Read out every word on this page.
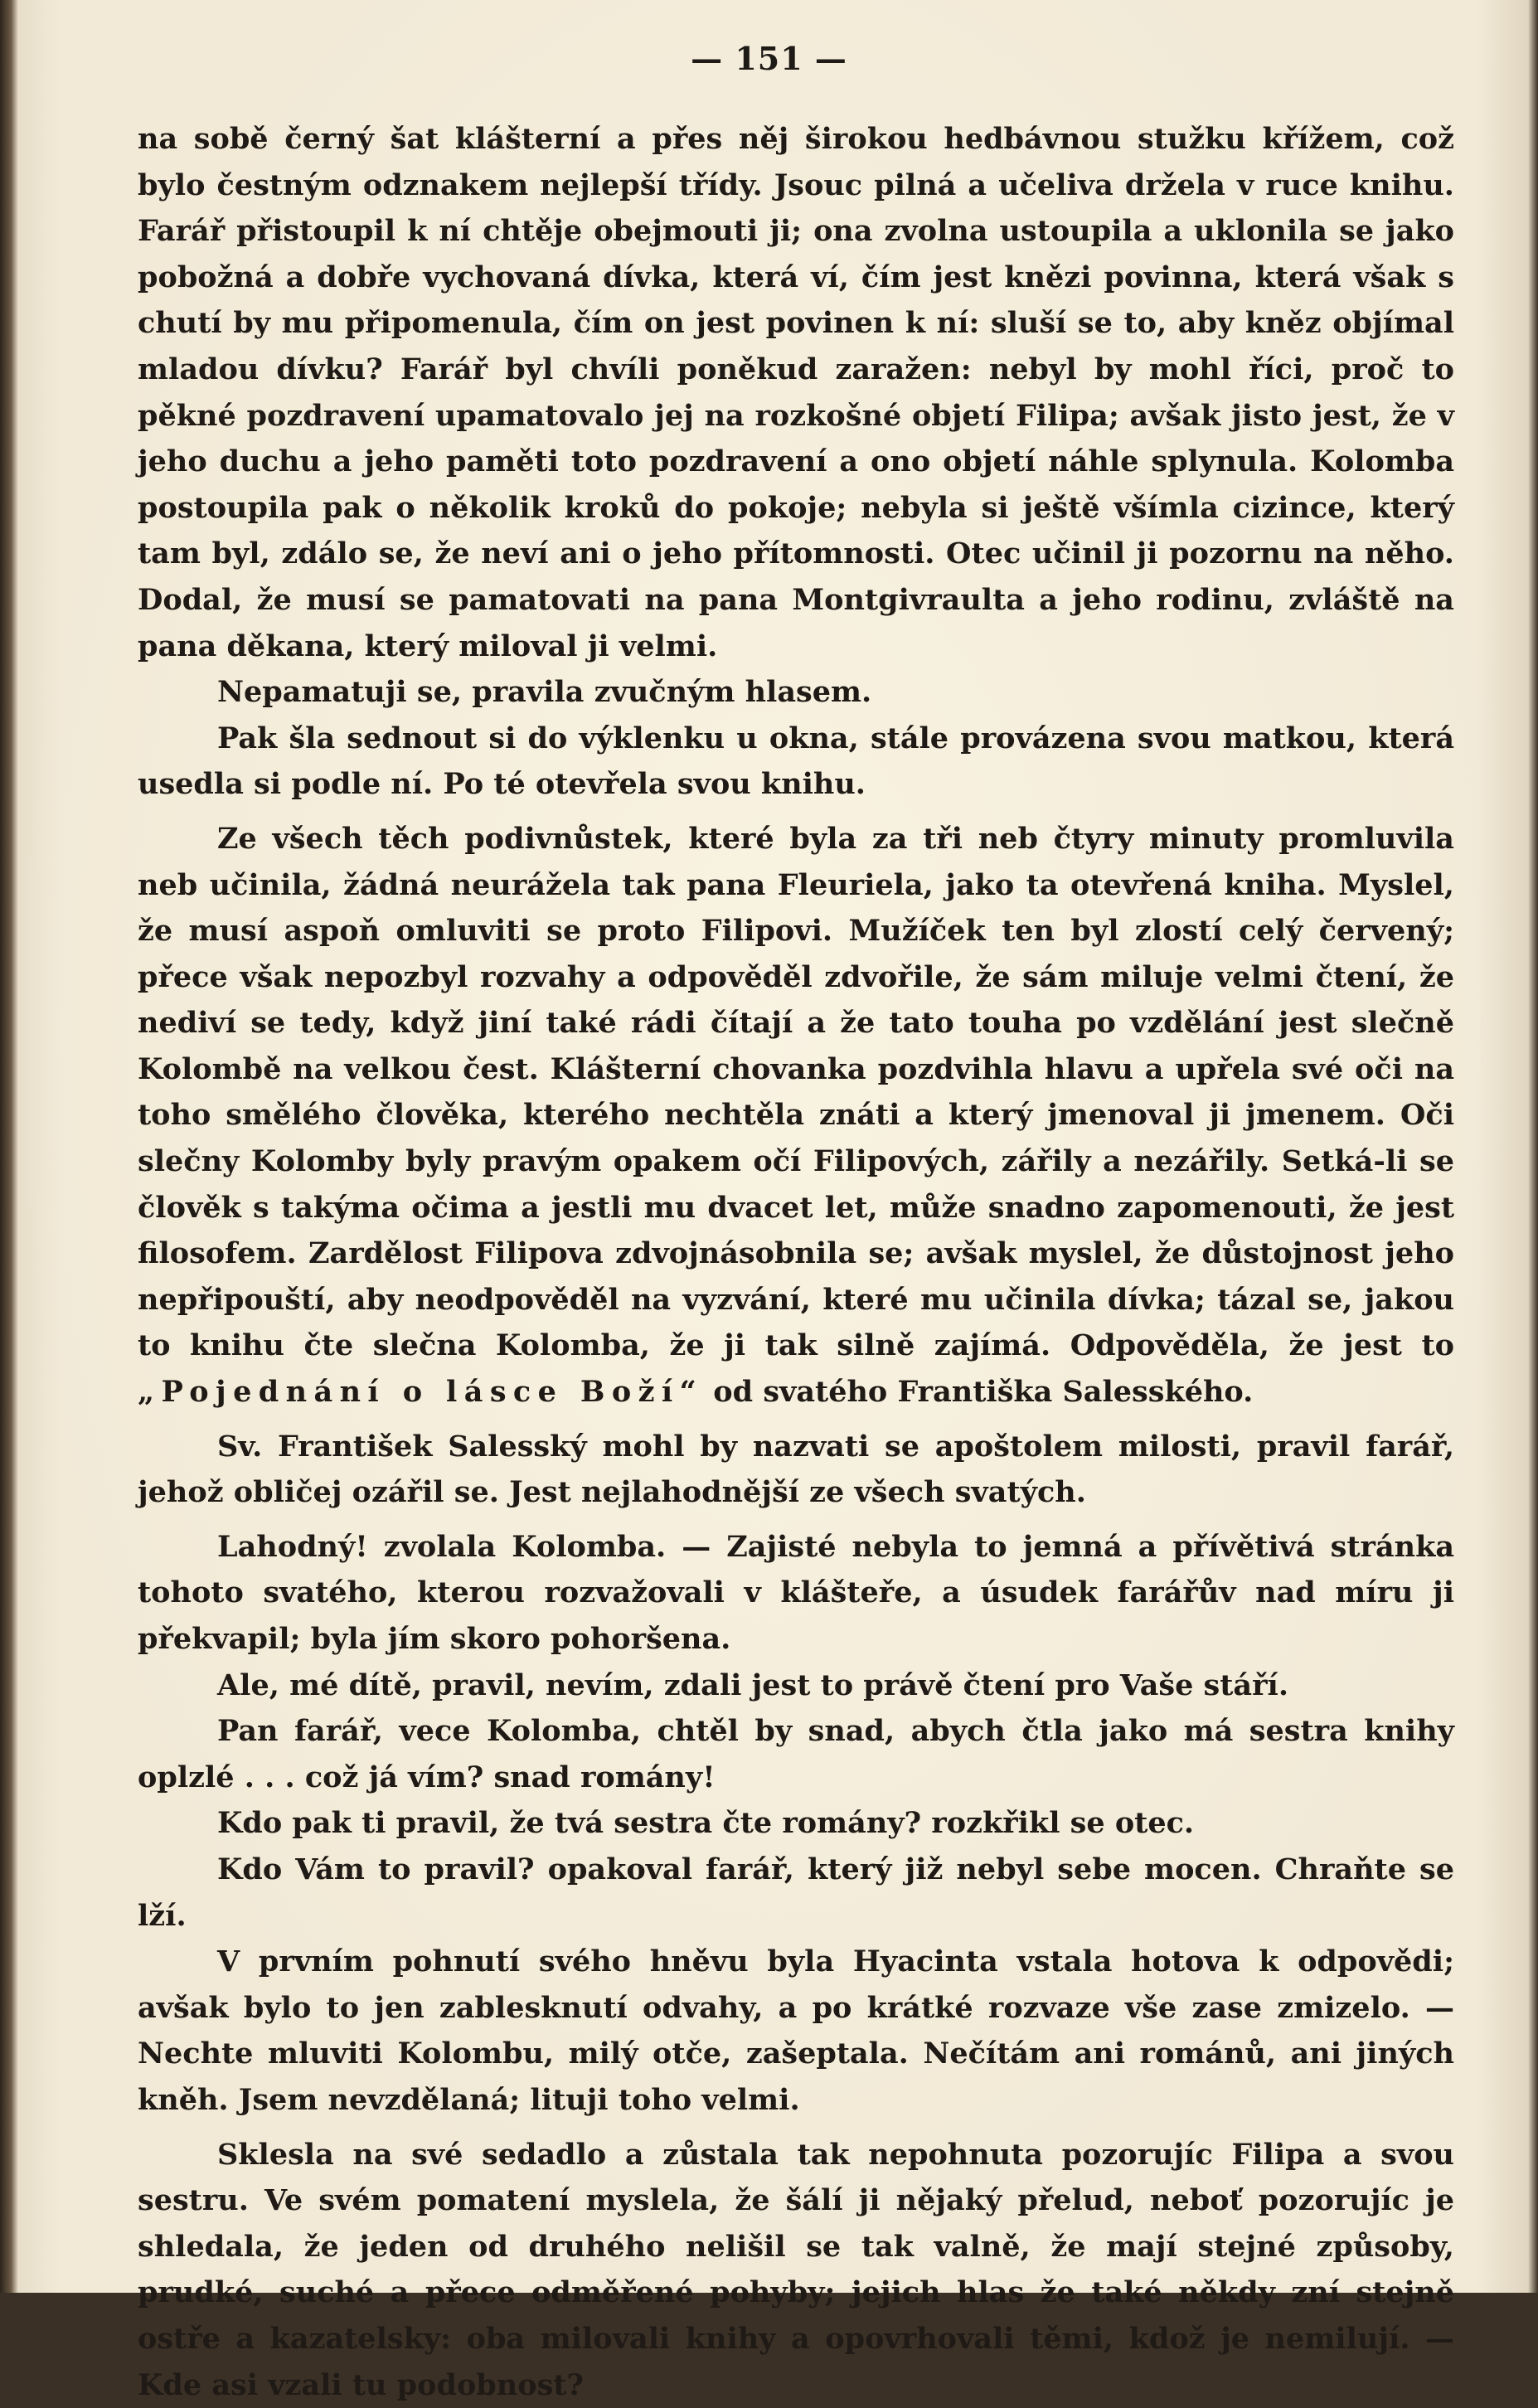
— 151 —

na sobě černý šat klášterní a přes něj širokou hedbávnou stužku křížem, což bylo čestným odznakem nejlepší třídy. Jsouc pilná a učeliva držela v ruce knihu. Farář přistoupil k ní chtěje obejmouti ji; ona zvolna ustoupila a uklonila se jako pobožná a dobře vychovaná dívka, která ví, čím jest knězi povinna, která však s chutí by mu připomenula, čím on jest povinen k ní: sluší se to, aby kněz objímal mladou dívku? Farář byl chvíli poněkud zaražen: nebyl by mohl říci, proč to pěkné pozdravení upamatovalo jej na rozkošné objetí Filipa; avšak jisto jest, že v jeho duchu a jeho paměti toto pozdravení a ono objetí náhle splynula. Kolomba postoupila pak o několik kroků do pokoje; nebyla si ještě všímla cizince, který tam byl, zdálo se, že neví ani o jeho přítomnosti. Otec učinil ji pozornu na něho. Dodal, že musí se pamatovati na pana Montgivraulta a jeho rodinu, zvláště na pana děkana, který miloval ji velmi.

Nepamatuji se, pravila zvučným hlasem.

Pak šla sednout si do výklenku u okna, stále provázena svou matkou, která usedla si podle ní. Po té otevřela svou knihu.

Ze všech těch podivnůstek, které byla za tři neb čtyry minuty promluvila neb učinila, žádná neurážela tak pana Fleuriela, jako ta otevřená kniha. Myslel, že musí aspoň omluviti se proto Filipovi. Mužíček ten byl zlostí celý červený; přece však nepozbyl rozvahy a odpověděl zdvořile, že sám miluje velmi čtení, že nediví se tedy, když jiní také rádi čítají a že tato touha po vzdělání jest slečně Kolombě na velkou čest. Klášterní chovanka pozdvihla hlavu a upřela své oči na toho smělého člověka, kterého nechtěla znáti a který jmenoval ji jmenem. Oči slečny Kolomby byly pravým opakem očí Filipových, zářily a nezářily. Setká-li se člověk s takýma očima a jestli mu dvacet let, může snadno zapomenouti, že jest filosofem. Zardělost Filipova zdvojnásobnila se; avšak myslel, že důstojnost jeho nepřipouští, aby neodpověděl na vyzvání, které mu učinila dívka; tázal se, jakou to knihu čte slečna Kolomba, že ji tak silně zajímá. Odpověděla, že jest to „Pojednání o lásce Boží“ od svatého Františka Salesského.

Sv. František Salesský mohl by nazvati se apoštolem milosti, pravil farář, jehož obličej ozářil se. Jest nejlahodnější ze všech svatých.

Lahodný! zvolala Kolomba. — Zajisté nebyla to jemná a přívětivá stránka tohoto svatého, kterou rozvažovali v klášteře, a úsudek farářův nad míru ji překvapil; byla jím skoro pohoršena.

Ale, mé dítě, pravil, nevím, zdali jest to právě čtení pro Vaše stáří.

Pan farář, vece Kolomba, chtěl by snad, abych čtla jako má sestra knihy oplzlé . . . což já vím? snad romány!

Kdo pak ti pravil, že tvá sestra čte romány? rozkřikl se otec.

Kdo Vám to pravil? opakoval farář, který již nebyl sebe mocen. Chraňte se lží.

V prvním pohnutí svého hněvu byla Hyacinta vstala hotova k odpovědi; avšak bylo to jen zablesknutí odvahy, a po krátké rozvaze vše zase zmizelo. — Nechte mluviti Kolombu, milý otče, zašeptala. Nečítám ani románů, ani jiných kněh. Jsem nevzdělaná; lituji toho velmi.

Sklesla na své sedadlo a zůstala tak nepohnuta pozorujíc Filipa a svou sestru. Ve svém pomatení myslela, že šálí ji nějaký přelud, neboť pozorujíc je shledala, že jeden od druhého nelišil se tak valně, že mají stejné způsoby, prudké, suché a přece odměřené pohyby; jejich hlas že také někdy zní stejně ostře a kazatelsky: oba milovali knihy a opovrhovali těmi, kdož je nemilují. — Kde asi vzali tu podobnost?
